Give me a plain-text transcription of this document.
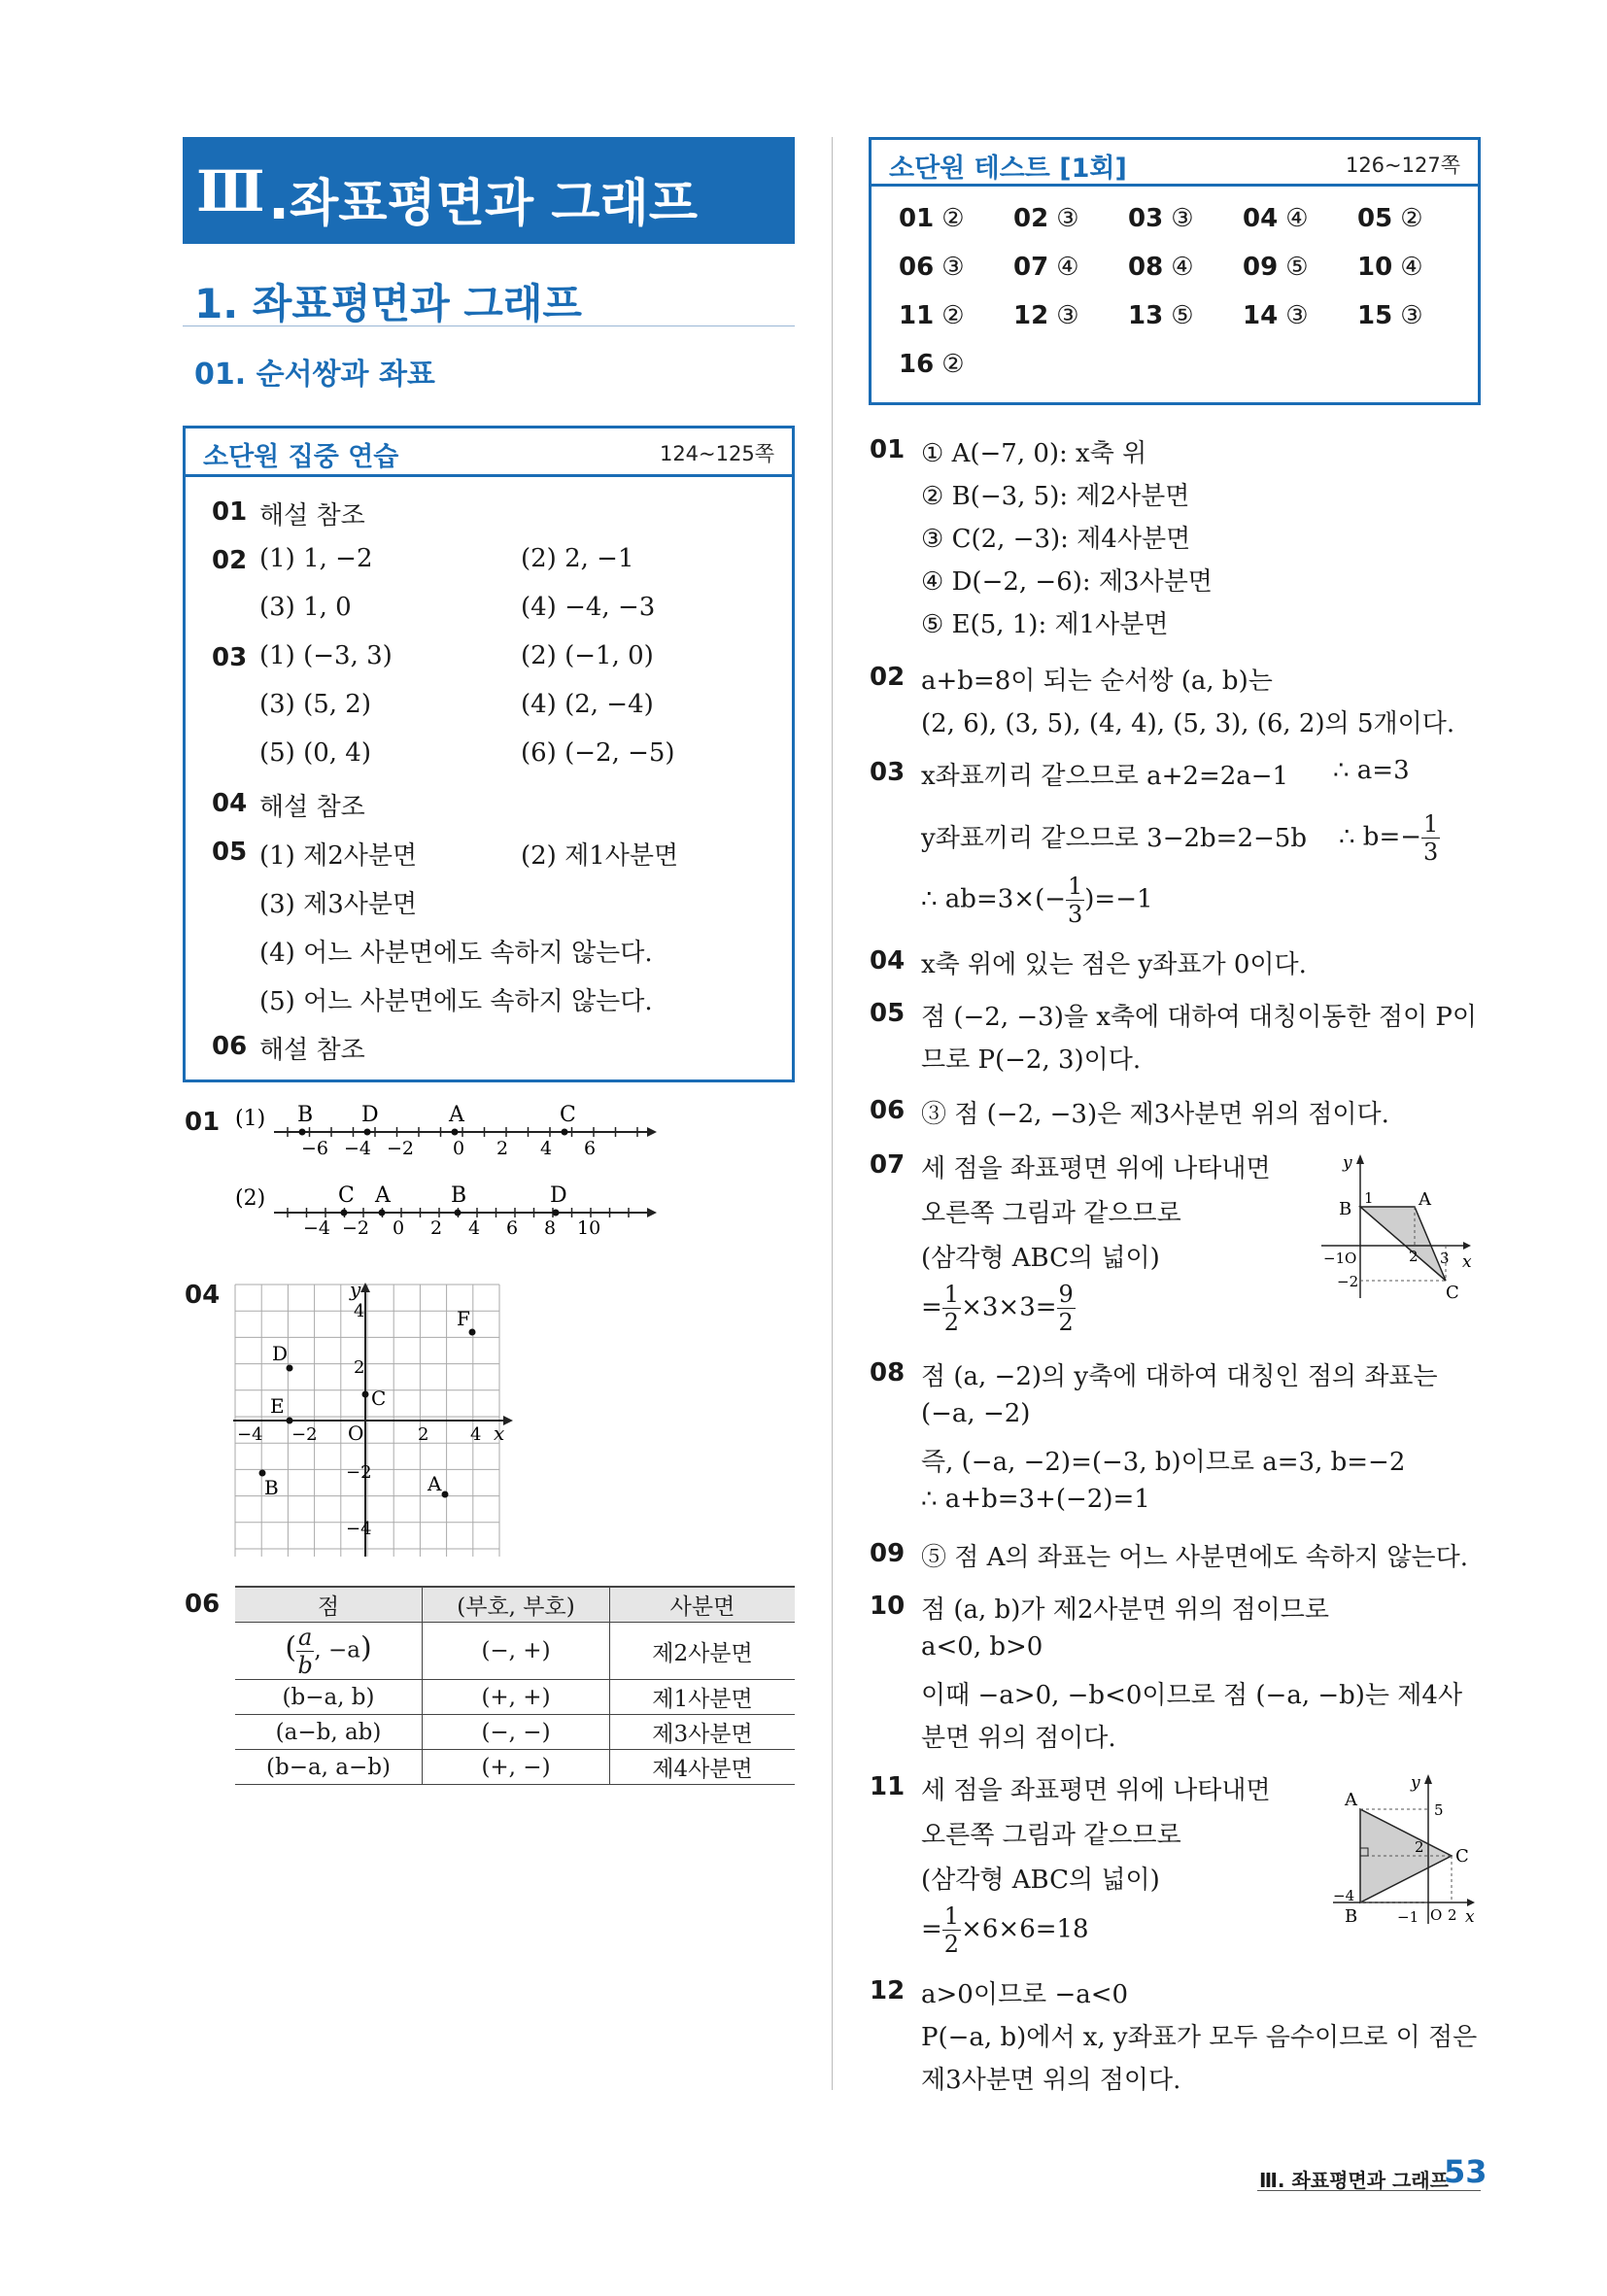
Ⅲ . 좌표평면과 그래프
1. 좌표평면과 그래프
01. 순서쌍과 좌표
소단원 집중 연습	124~125쪽
01 해설 참조
02 (1) 1, −2	(2) 2, −1
(3) 1, 0	(4) −4, −3
03 (1) (−3, 3)	(2) (−1, 0)
(3) (5, 2)	(4) (2, −4)
(5) (0, 4)	(6) (−2, −5)
04 해설 참조
05 (1) 제2사분면	(2) 제1사분면
(3) 제3사분면
(4) 어느 사분면에도 속하지 않는다.
(5) 어느 사분면에도 속하지 않는다.
06 해설 참조
01 (1) B D	A	C
−6 −4 −2 0 2 4 6
(2)	C A	B	D
−4 −2 0 2 4 6 8 10
04
x
y
O
4
2
−2
−4
−4 −2	2 4
D
E	C
F
B	A
06	점	(부호, 부호)	사분면
( $\frac{a}{b}$ , −a)	(−, +)	제2사분면
(b−a, b)	(+, +)	제1사분면
(a−b, ab)	(−, −)	제3사분면
(b−a, a−b)	(+, −)	제4사분면
소단원 테스트 [1회]	126~127쪽
01 ② 02 ③ 03 ③ 04 ④ 05 ②
06 ③ 07 ④ 08 ④ 09 ⑤ 10 ④
11 ② 12 ③ 13 ⑤ 14 ③ 15 ③
16 ②
01 ① A(−7, 0): x축 위
② B(−3, 5): 제2사분면
③ C(2, −3): 제4사분면
④ D(−2, −6): 제3사분면
⑤ E(5, 1): 제1사분면
02 a+b=8이 되는 순서쌍 (a, b)는
(2, 6), (3, 5), (4, 4), (5, 3), (6, 2)의 5개이다.
03 x좌표끼리 같으므로 a+2=2a−1 ∴ a=3
y좌표끼리 같으므로 3−2b=2−5b ∴ $b=- \frac{1}{3}$
∴ $ab=3\times(- \frac{1}{3} )=-1$
04 x축 위에 있는 점은 y좌표가 0이다.
05 점 (−2, −3)을 x축에 대하여 대칭이동한 점이 P이
므로 P(−2, 3)이다.
06 ③ 점 (−2, −3)은 제3사분면 위의 점이다.
07 세 점을 좌표평면 위에 나타내면
오른쪽 그림과 같으므로
(삼각형 ABC의 넓이)
= $\frac{1}{2} \times 3\times 3= \frac{9}{2}$
y
x
A
B
C
1
−1 O	2 3
−2
08 점 (a, −2)의 y축에 대하여 대칭인 점의 좌표는
(−a, −2)
즉, (−a, −2)=(−3, b)이므로 a=3, b=−2
∴ a+b=3+(−2)=1
09 ⑤ 점 A의 좌표는 어느 사분면에도 속하지 않는다.
10 점 (a, b)가 제2사분면 위의 점이므로
a<0, b>0
이때 −a>0, −b<0이므로 점 (−a, −b)는 제4사
분면 위의 점이다.
11 세 점을 좌표평면 위에 나타내면
오른쪽 그림과 같으므로
(삼각형 ABC의 넓이)
= $\frac{1}{2} \times 6\times 6=18$
y
x
A
B
C
5
2
−4
−1 O 2
12 a>0이므로 −a<0
P(−a, b)에서 x, y좌표가 모두 음수이므로 이 점은
제3사분면 위의 점이다.
Ⅲ. 좌표평면과 그래프
53
